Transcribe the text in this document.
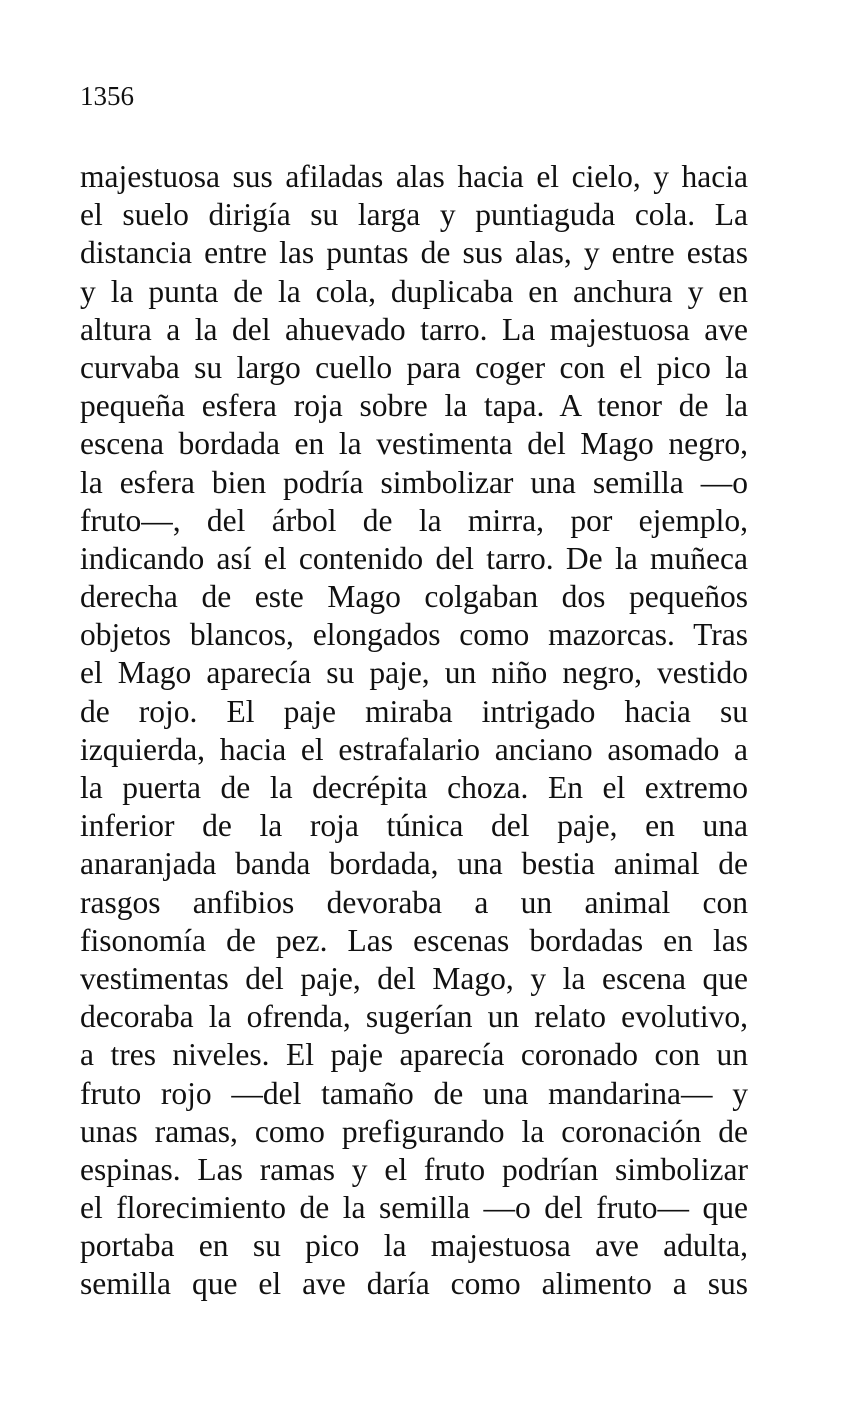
1356
majestuosa sus afiladas alas hacia el cielo, y hacia
el suelo dirigía su larga y puntiaguda cola. La
distancia entre las puntas de sus alas, y entre estas
y la punta de la cola, duplicaba en anchura y en
altura a la del ahuevado tarro. La majestuosa ave
curvaba su largo cuello para coger con el pico la
pequeña esfera roja sobre la tapa. A tenor de la
escena bordada en la vestimenta del Mago negro,
la esfera bien podría simbolizar una semilla —o
fruto—, del árbol de la mirra, por ejemplo,
indicando así el contenido del tarro. De la muñeca
derecha de este Mago colgaban dos pequeños
objetos blancos, elongados como mazorcas. Tras
el Mago aparecía su paje, un niño negro, vestido
de rojo. El paje miraba intrigado hacia su
izquierda, hacia el estrafalario anciano asomado a
la puerta de la decrépita choza. En el extremo
inferior de la roja túnica del paje, en una
anaranjada banda bordada, una bestia animal de
rasgos anfibios devoraba a un animal con
fisonomía de pez. Las escenas bordadas en las
vestimentas del paje, del Mago, y la escena que
decoraba la ofrenda, sugerían un relato evolutivo,
a tres niveles. El paje aparecía coronado con un
fruto rojo —del tamaño de una mandarina— y
unas ramas, como prefigurando la coronación de
espinas. Las ramas y el fruto podrían simbolizar
el florecimiento de la semilla —o del fruto— que
portaba en su pico la majestuosa ave adulta,
semilla que el ave daría como alimento a sus
